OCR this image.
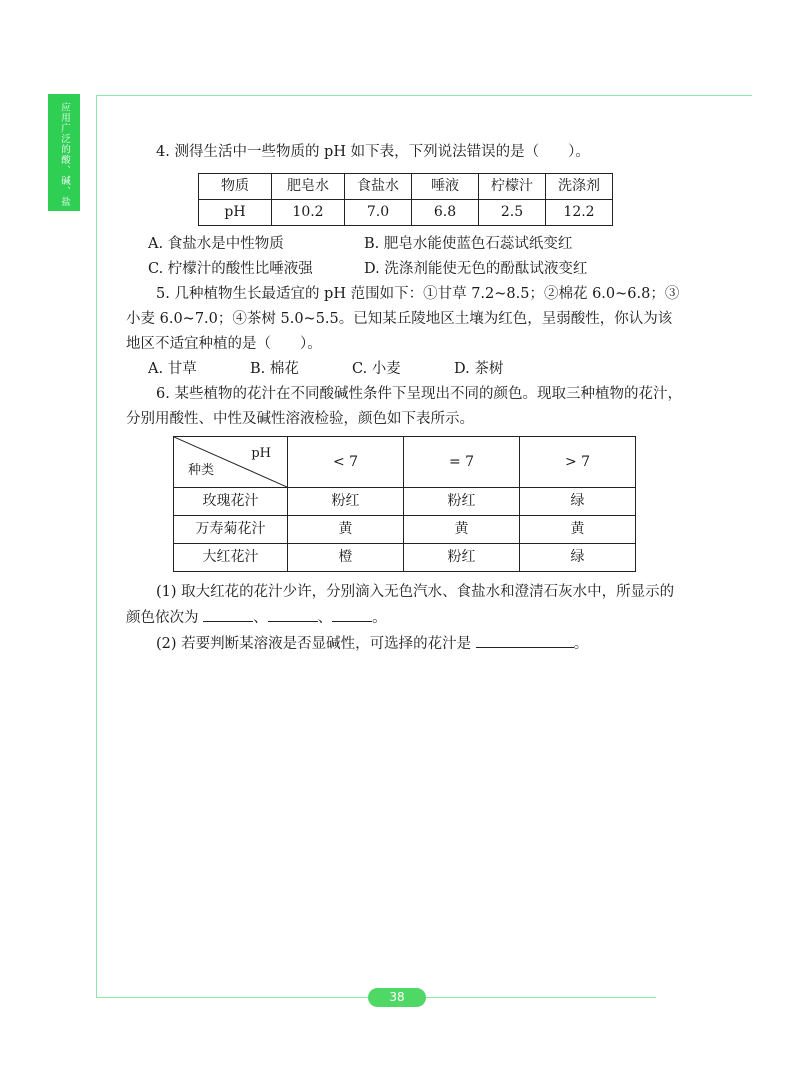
应用广泛的酸、碱、盐
38

4. 测得生活中一些物质的 pH 如下表，下列说法错误的是（　　）。

物质	肥皂水	食盐水	唾液	柠檬汁	洗涤剂
pH	10.2	7.0	6.8	2.5	12.2
A. 食盐水是中性物质	B. 肥皂水能使蓝色石蕊试纸变红
C. 柠檬汁的酸性比唾液强	D. 洗涤剂能使无色的酚酞试液变红

5. 几种植物生长最适宜的 pH 范围如下：①甘草 7.2~8.5；②棉花 6.0~6.8；③小麦 6.0~7.0；④茶树 5.0~5.5。已知某丘陵地区土壤为红色，呈弱酸性，你认为该地区不适宜种植的是（　　）。

A. 甘草	B. 棉花	C. 小麦	D. 茶树

6. 某些植物的花汁在不同酸碱性条件下呈现出不同的颜色。现取三种植物的花汁，分别用酸性、中性及碱性溶液检验，颜色如下表所示。

pH
种类	< 7	= 7	> 7
玫瑰花汁	粉红	粉红	绿
万寿菊花汁	黄	黄	黄
大红花汁	橙	粉红	绿

(1) 取大红花的花汁少许，分别滴入无色汽水、食盐水和澄清石灰水中，所显示的颜色依次为	、	、	。

(2) 若要判断某溶液是否显碱性，可选择的花汁是	。
